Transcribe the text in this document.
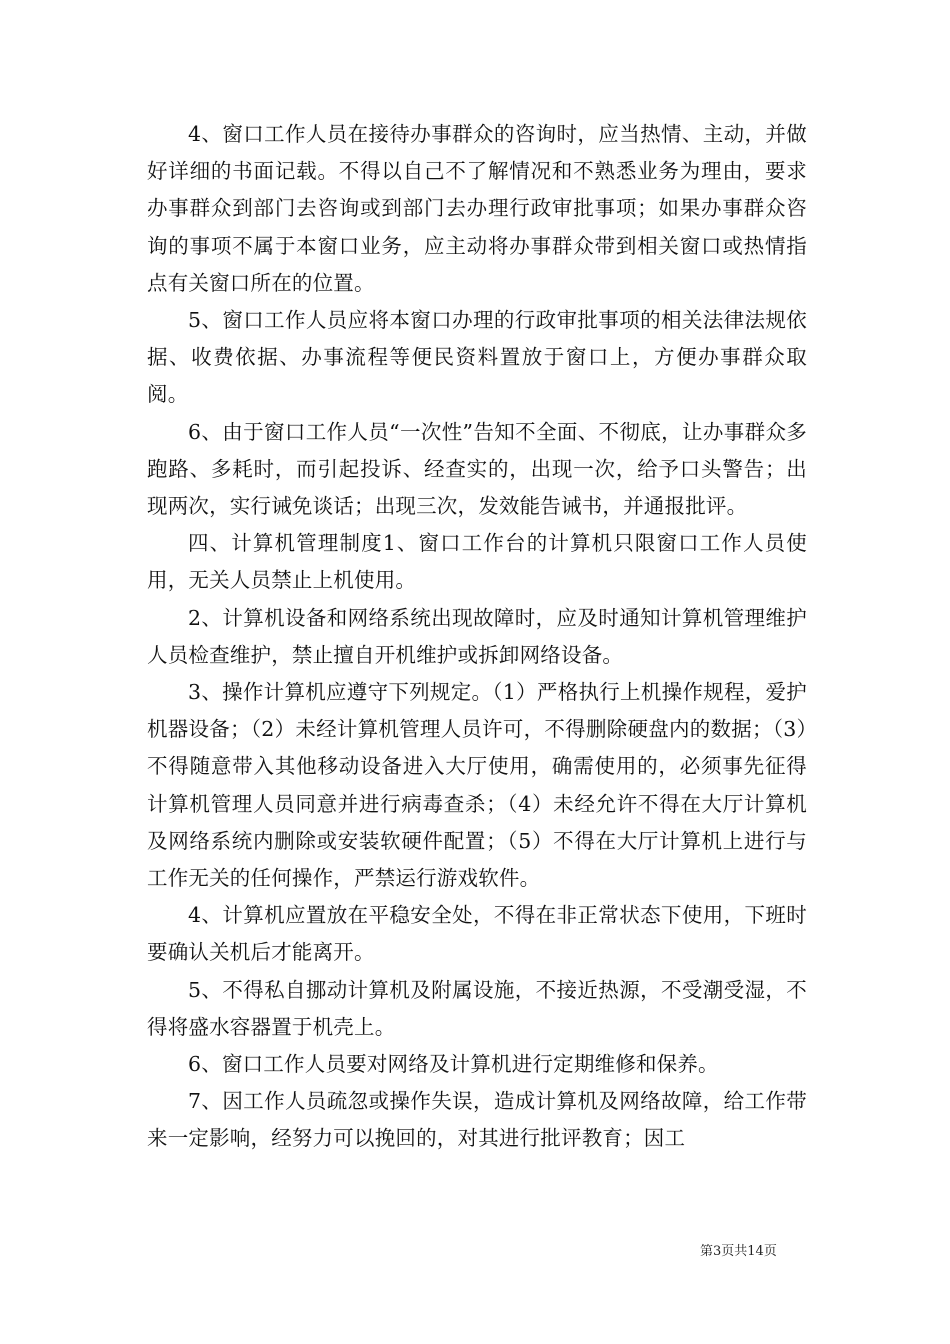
4、窗口工作人员在接待办事群众的咨询时，应当热情、主动，并做好详细的书面记载。不得以自己不了解情况和不熟悉业务为理由，要求办事群众到部门去咨询或到部门去办理行政审批事项；如果办事群众咨询的事项不属于本窗口业务，应主动将办事群众带到相关窗口或热情指点有关窗口所在的位置。

5、窗口工作人员应将本窗口办理的行政审批事项的相关法律法规依据、收费依据、办事流程等便民资料置放于窗口上，方便办事群众取阅。

6、由于窗口工作人员“一次性”告知不全面、不彻底，让办事群众多跑路、多耗时，而引起投诉、经查实的，出现一次，给予口头警告；出现两次，实行诫免谈话；出现三次，发效能告诫书，并通报批评。

四、计算机管理制度1、窗口工作台的计算机只限窗口工作人员使用，无关人员禁止上机使用。

2、计算机设备和网络系统出现故障时，应及时通知计算机管理维护人员检查维护，禁止擅自开机维护或拆卸网络设备。

3、操作计算机应遵守下列规定。（1）严格执行上机操作规程，爱护机器设备；（2）未经计算机管理人员许可，不得删除硬盘内的数据；（3）不得随意带入其他移动设备进入大厅使用，确需使用的，必须事先征得计算机管理人员同意并进行病毒查杀；（4）未经允许不得在大厅计算机及网络系统内删除或安装软硬件配置；（5）不得在大厅计算机上进行与工作无关的任何操作，严禁运行游戏软件。

4、计算机应置放在平稳安全处，不得在非正常状态下使用，下班时要确认关机后才能离开。

5、不得私自挪动计算机及附属设施，不接近热源，不受潮受湿，不得将盛水容器置于机壳上。

6、窗口工作人员要对网络及计算机进行定期维修和保养。

7、因工作人员疏忽或操作失误，造成计算机及网络故障，给工作带来一定影响，经努力可以挽回的，对其进行批评教育；因工

第3页共14页
